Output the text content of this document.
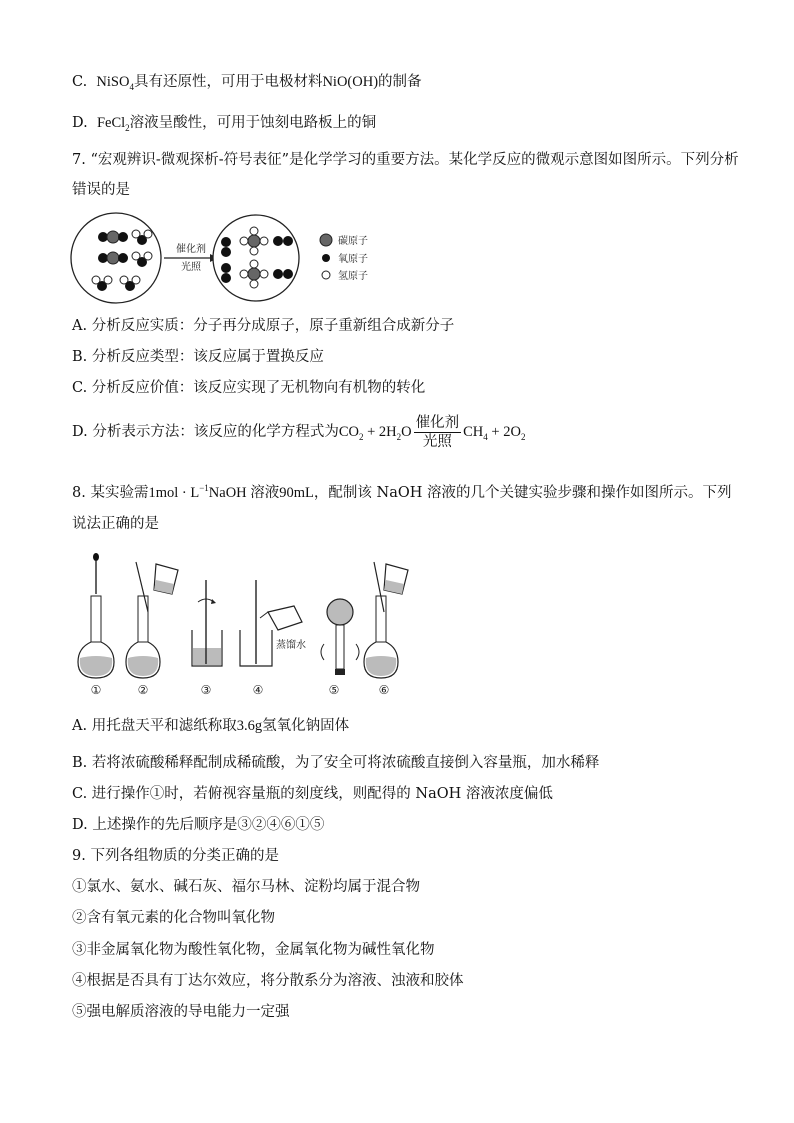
C. NiSO$_4$具有还原性，可用于电极材料NiO(OH)的制备
D. FeCl$_2$溶液呈酸性，可用于蚀刻电路板上的铜
7. “宏观辨识-微观探析-符号表征”是化学学习的重要方法。某化学反应的微观示意图如图所示。下列分析
错误的是
催化剂
光照
碳原子
氧原子
氢原子
A. 分析反应实质：分子再分成原子，原子重新组合成新分子
B. 分析反应类型：该反应属于置换反应
C. 分析反应价值：该反应实现了无机物向有机物的转化
D. 分析表示方法：该反应的化学方程式为$CO_2 + 2H_2O \frac{\text{催化剂}}{\text{光照}} CH_4 + 2O_2$
8. 某实验需$1mol \cdot L^{-1}NaOH$ 溶液90mL，配制该 NaOH 溶液的几个关键实验步骤和操作如图所示。下列
说法正确的是
蒸馏水
①	②	③	④	⑤	⑥
A. 用托盘天平和滤纸称取3.6g氢氧化钠固体
B. 若将浓硫酸稀释配制成稀硫酸，为了安全可将浓硫酸直接倒入容量瓶，加水稀释
C. 进行操作①时，若俯视容量瓶的刻度线，则配得的 NaOH 溶液浓度偏低
D. 上述操作的先后顺序是③②④⑥①⑤
9. 下列各组物质的分类正确的是
①氯水、氨水、碱石灰、福尔马林、淀粉均属于混合物
②含有氧元素的化合物叫氧化物
③非金属氧化物为酸性氧化物，金属氧化物为碱性氧化物
④根据是否具有丁达尔效应，将分散系分为溶液、浊液和胶体
⑤强电解质溶液的导电能力一定强
